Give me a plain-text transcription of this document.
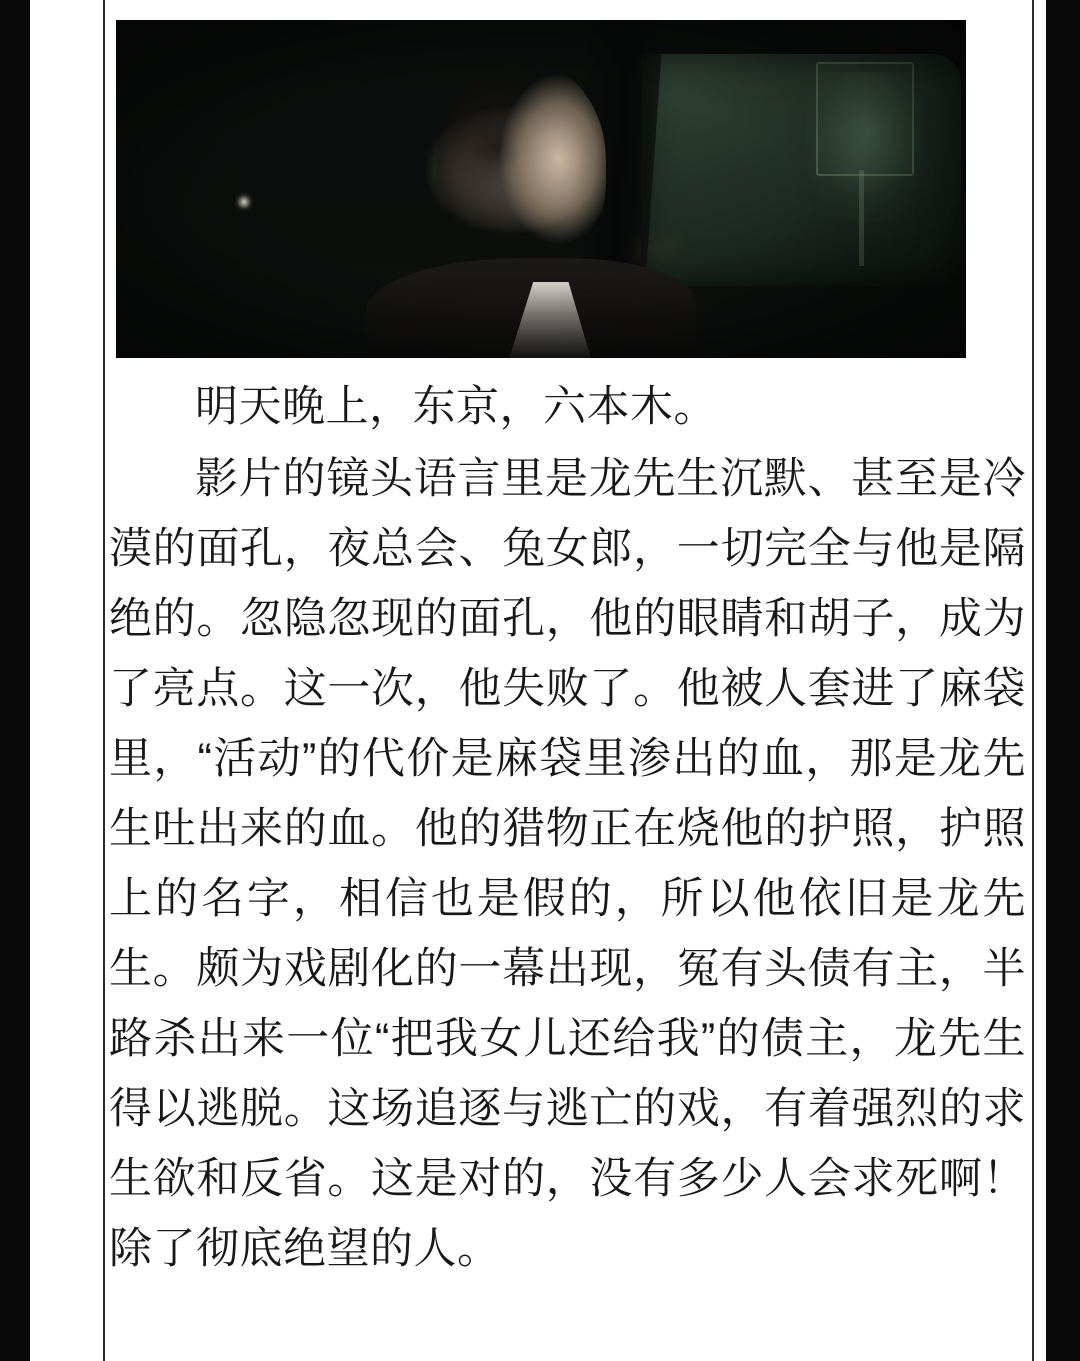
明天晚上，东京，六本木。

影片的镜头语言里是龙先生沉默、甚至是冷漠的面孔，夜总会、兔女郎，一切完全与他是隔绝的。忽隐忽现的面孔，他的眼睛和胡子，成为了亮点。这一次，他失败了。他被人套进了麻袋里，“活动”的代价是麻袋里渗出的血，那是龙先生吐出来的血。他的猎物正在烧他的护照，护照上的名字，相信也是假的，所以他依旧是龙先生。颇为戏剧化的一幕出现，冤有头债有主，半路杀出来一位“把我女儿还给我”的债主，龙先生得以逃脱。这场追逐与逃亡的戏，有着强烈的求生欲和反省。这是对的，没有多少人会求死啊！除了彻底绝望的人。
